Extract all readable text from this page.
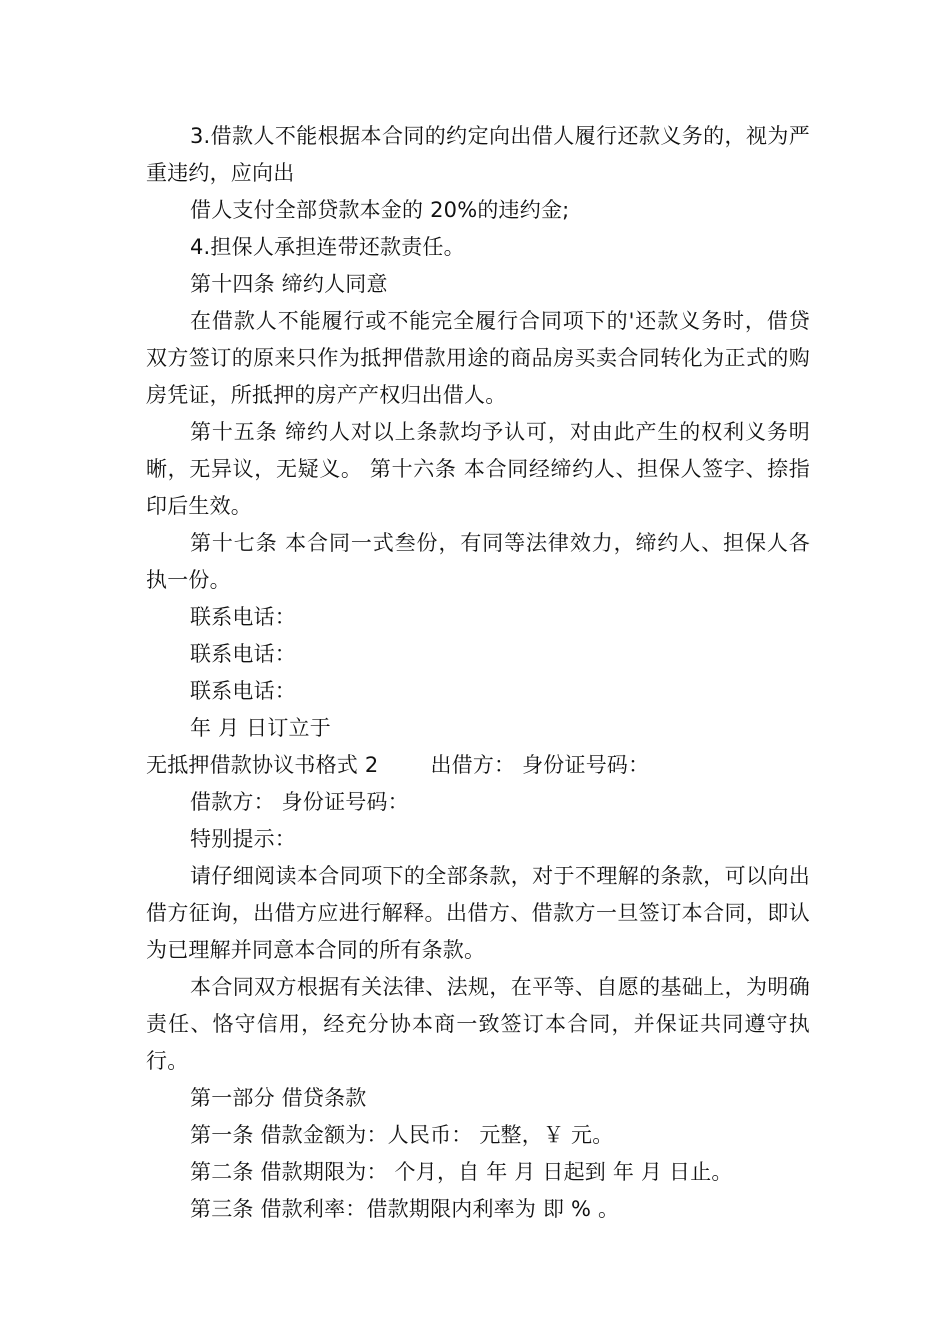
3.借款人不能根据本合同的约定向出借人履行还款义务的，视为严重违约，应向出

借人支付全部贷款本金的 20%的违约金;

4.担保人承担连带还款责任。

第十四条 缔约人同意

在借款人不能履行或不能完全履行合同项下的'还款义务时，借贷双方签订的原来只作为抵押借款用途的商品房买卖合同转化为正式的购房凭证，所抵押的房产产权归出借人。

第十五条 缔约人对以上条款均予认可，对由此产生的权利义务明晰，无异议，无疑义。 第十六条 本合同经缔约人、担保人签字、捺指印后生效。

第十七条 本合同一式叁份，有同等法律效力，缔约人、担保人各执一份。

联系电话：

联系电话：

联系电话：

年 月 日订立于

无抵押借款协议书格式 2 出借方： 身份证号码：

借款方： 身份证号码：

特别提示：

请仔细阅读本合同项下的全部条款，对于不理解的条款，可以向出借方征询，出借方应进行解释。出借方、借款方一旦签订本合同，即认为已理解并同意本合同的所有条款。

本合同双方根据有关法律、法规，在平等、自愿的基础上，为明确责任、恪守信用，经充分协本商一致签订本合同，并保证共同遵守执行。

第一部分 借贷条款

第一条 借款金额为：人民币： 元整，￥ 元。

第二条 借款期限为： 个月，自 年 月 日起到 年 月 日止。

第三条 借款利率：借款期限内利率为 即 % 。
